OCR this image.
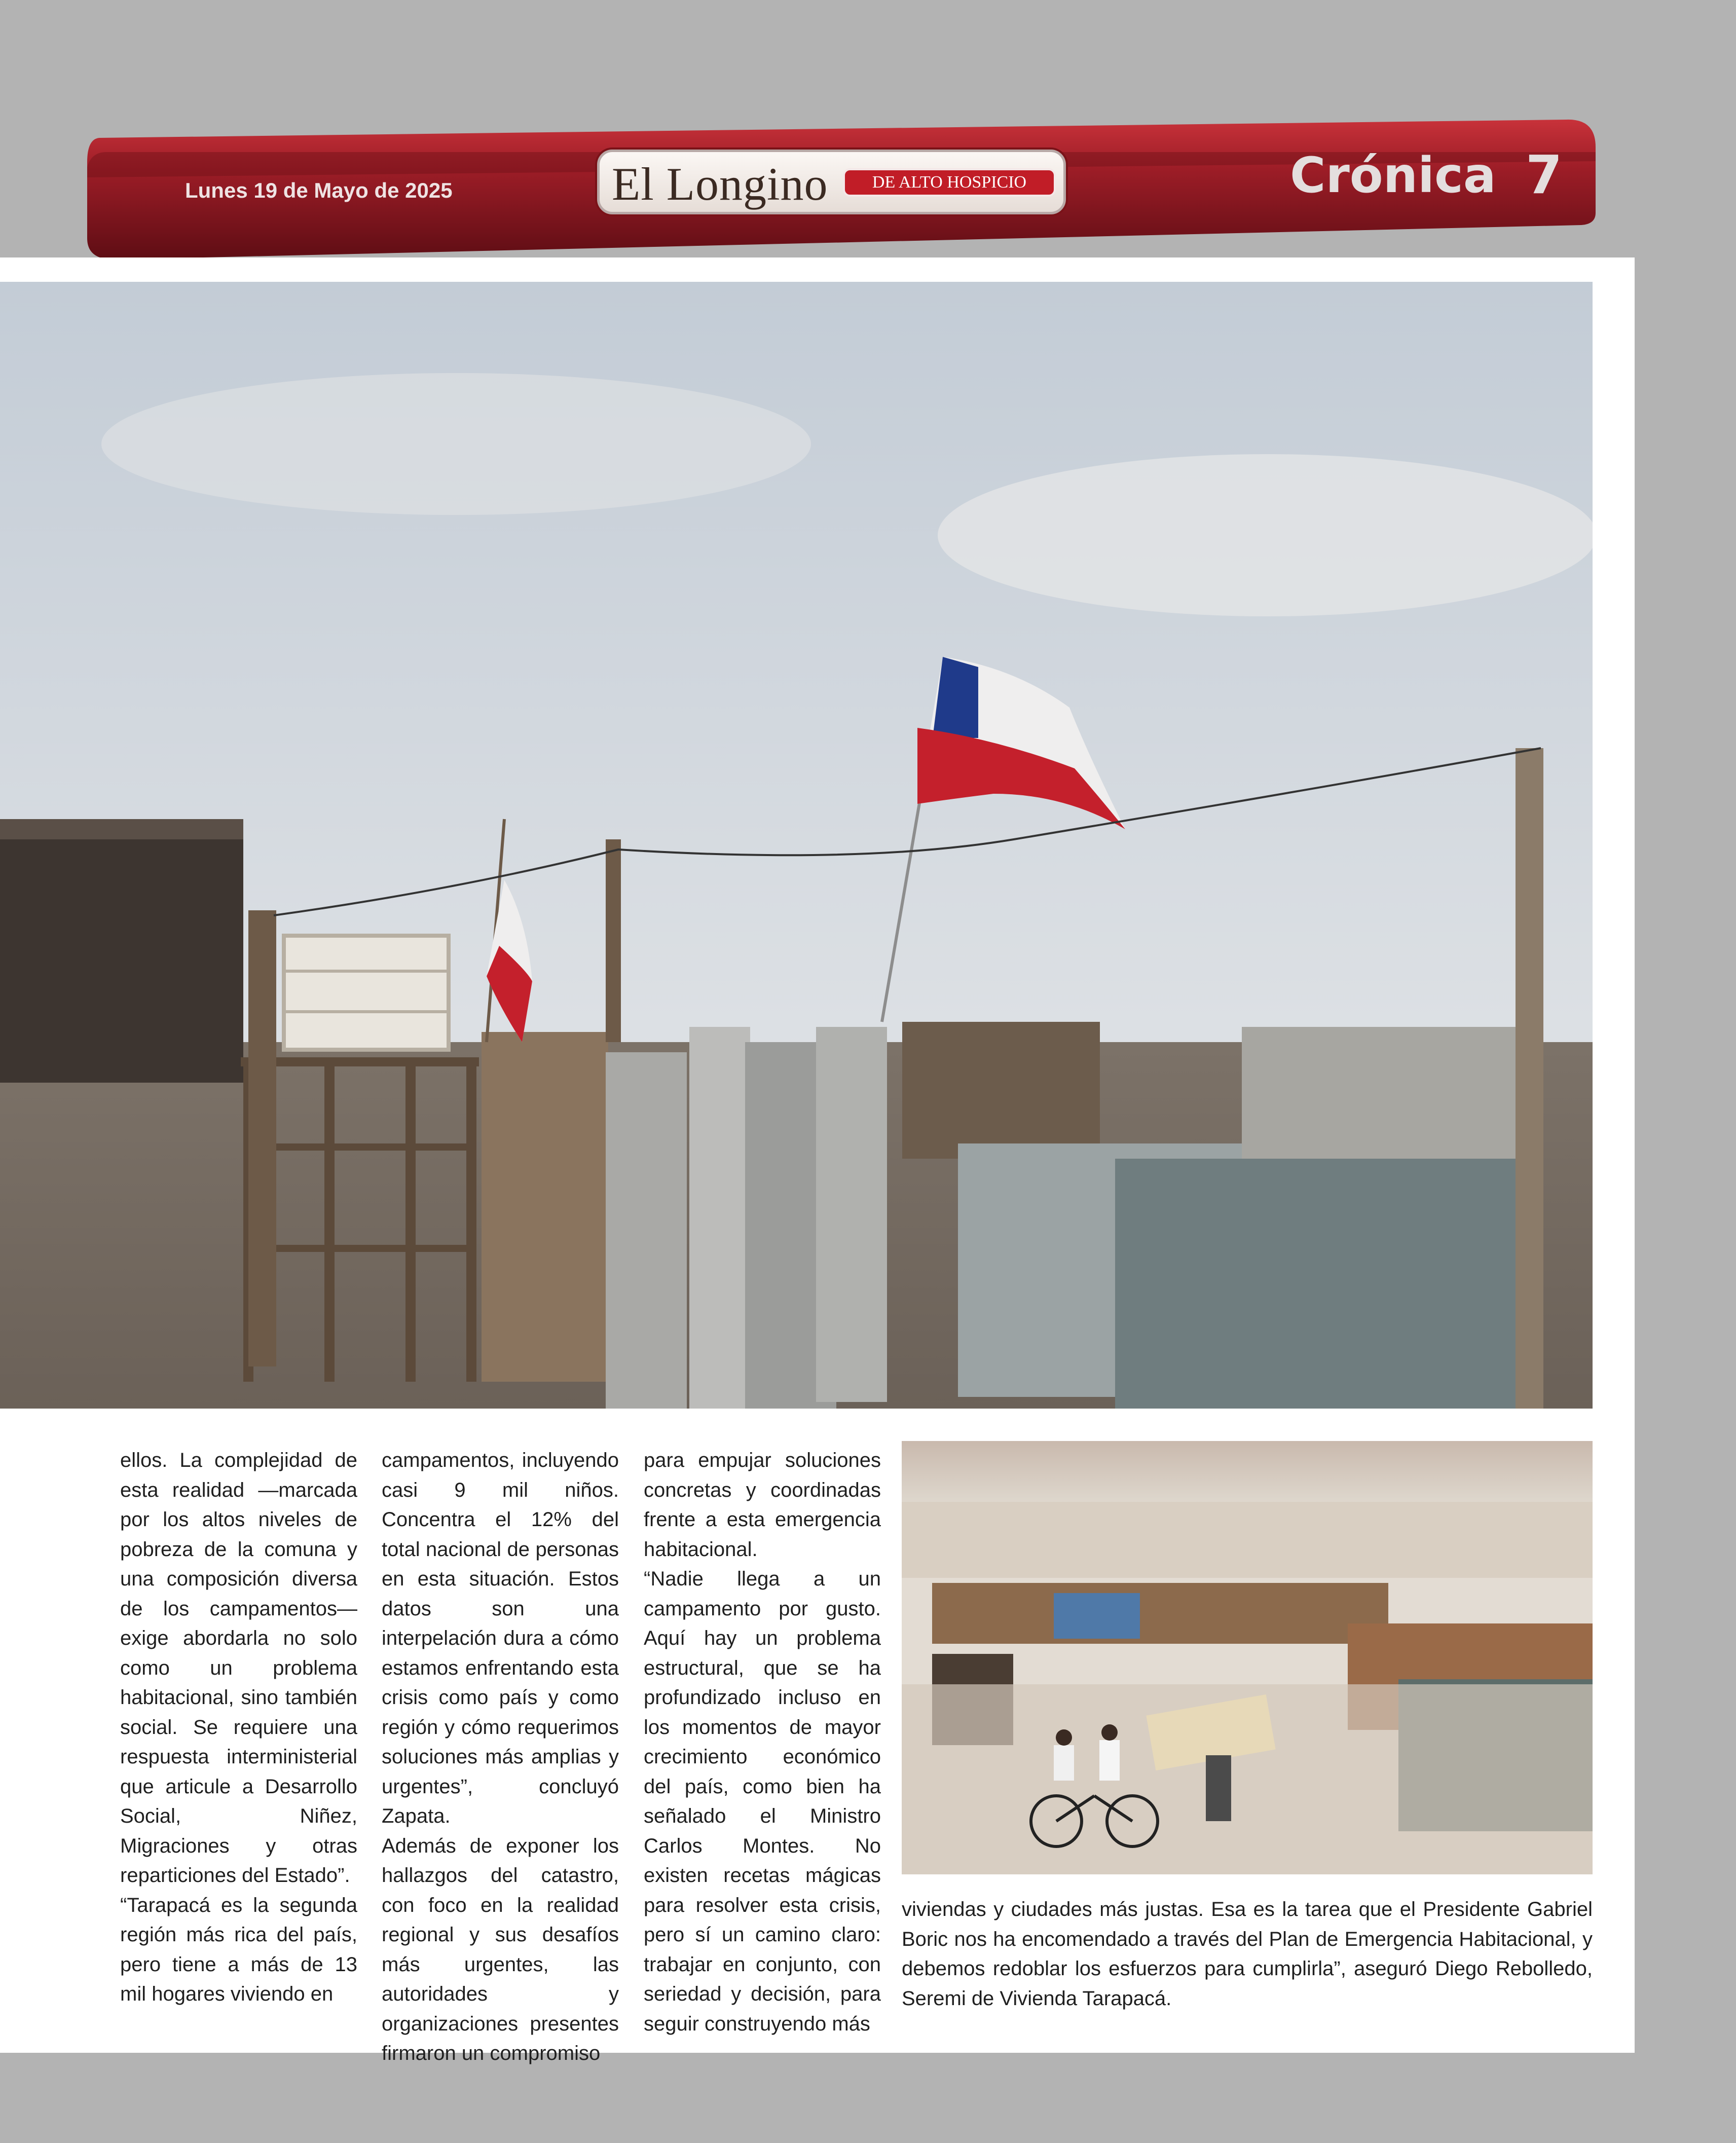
Lunes 19 de Mayo de 2025	El Longino	DE ALTO HOSPICIO	Crónica 7

ellos. La complejidad de esta realidad —marcada por los altos niveles de pobreza de la comuna y una composición diversa de los campamentos— exige abordarla no solo como un problema habitacional, sino también social. Se requiere una respuesta interministerial que articule a Desarrollo Social, Niñez, Migraciones y otras reparticiones del Estado”.

“Tarapacá es la segunda región más rica del país, pero tiene a más de 13 mil hogares viviendo en

campamentos, incluyendo casi 9 mil niños. Concentra el 12% del total nacional de personas en esta situación. Estos datos son una interpelación dura a cómo estamos enfrentando esta crisis como país y como región y cómo requerimos soluciones más amplias y urgentes”, concluyó Zapata.

Además de exponer los hallazgos del catastro, con foco en la realidad regional y sus desafíos más urgentes, las autoridades y organizaciones presentes firmaron un compromiso

para empujar soluciones concretas y coordinadas frente a esta emergencia habitacional.

“Nadie llega a un campamento por gusto. Aquí hay un problema estructural, que se ha profundizado incluso en los momentos de mayor crecimiento económico del país, como bien ha señalado el Ministro Carlos Montes. No existen recetas mágicas para resolver esta crisis, pero sí un camino claro: trabajar en conjunto, con seriedad y decisión, para seguir construyendo más

viviendas y ciudades más justas. Esa es la tarea que el Presidente Gabriel Boric nos ha encomendado a través del Plan de Emergencia Habitacional, y debemos redoblar los esfuerzos para cumplirla”, aseguró Diego Rebolledo, Seremi de Vivienda Tarapacá.
